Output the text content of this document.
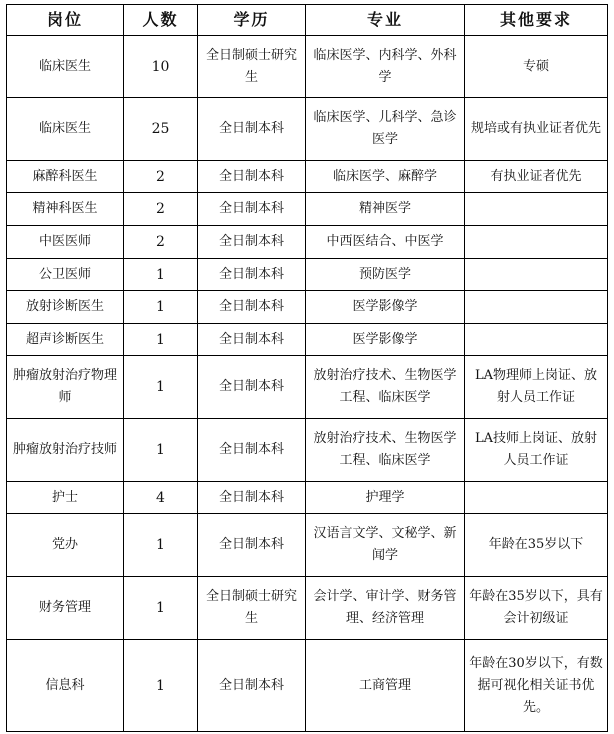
岗位	人数	学历	专业	其他要求
临床医生	10	全日制硕士研究生	临床医学、内科学、外科学	专硕
临床医生	25	全日制本科	临床医学、儿科学、急诊医学	规培或有执业证者优先
麻醉科医生	2	全日制本科	临床医学、麻醉学	有执业证者优先
精神科医生	2	全日制本科	精神医学	
中医医师	2	全日制本科	中西医结合、中医学	
公卫医师	1	全日制本科	预防医学	
放射诊断医生	1	全日制本科	医学影像学	
超声诊断医生	1	全日制本科	医学影像学	
肿瘤放射治疗物理师	1	全日制本科	放射治疗技术、生物医学工程、临床医学	LA物理师上岗证、放射人员工作证
肿瘤放射治疗技师	1	全日制本科	放射治疗技术、生物医学工程、临床医学	LA技师上岗证、放射人员工作证
护士	4	全日制本科	护理学	
党办	1	全日制本科	汉语言文学、文秘学、新闻学	年龄在35岁以下
财务管理	1	全日制硕士研究生	会计学、审计学、财务管理、经济管理	年龄在35岁以下，具有会计初级证
信息科	1	全日制本科	工商管理	年龄在30岁以下，有数据可视化相关证书优先。
